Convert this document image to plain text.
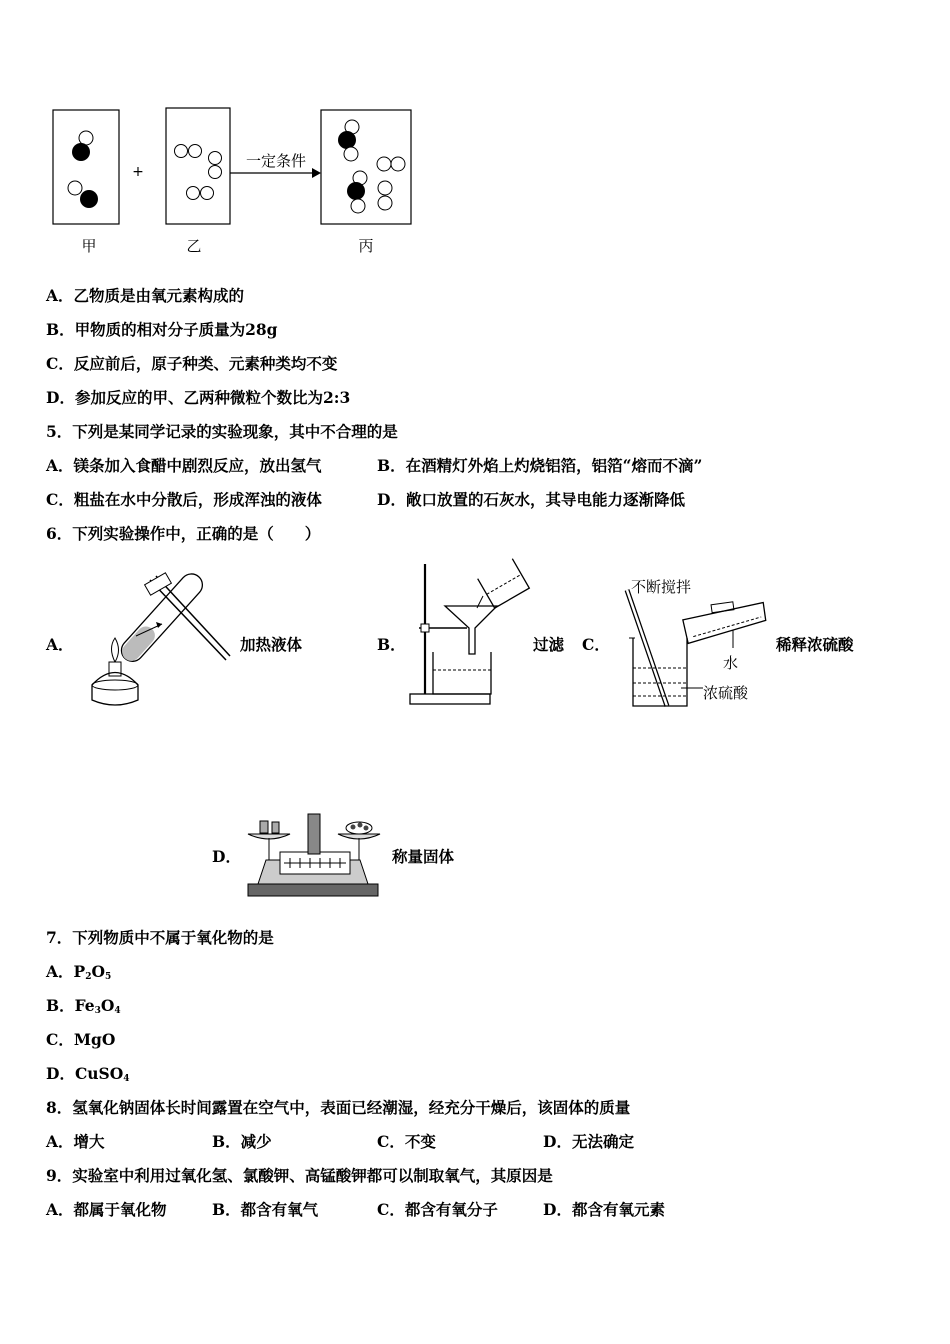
+
一定条件
甲	乙	丙
A．乙物质是由氧元素构成的
B．甲物质的相对分子质量为28g
C．反应前后，原子种类、元素种类均不变
D．参加反应的甲、乙两种微粒个数比为2:3
5．下列是某同学记录的实验现象，其中不合理的是
A．镁条加入食醋中剧烈反应，放出氢气	B．在酒精灯外焰上灼烧铝箔，铝箔“熔而不滴”
C．粗盐在水中分散后，形成浑浊的液体	D．敞口放置的石灰水，其导电能力逐渐降低
6．下列实验操作中，正确的是（　　）
A．	加热液体	B．	过滤 C．
不断搅拌
水
浓硫酸
稀释浓硫酸
D．	称量固体
7．下列物质中不属于氧化物的是
A．$P_2O_5$
B．$Fe_3O_4$
C．MgO
D．CuSO$_4$
8．氢氧化钠固体长时间露置在空气中，表面已经潮湿，经充分干燥后，该固体的质量
A．增大	B．减少	C．不变	D．无法确定
9．实验室中利用过氧化氢、氯酸钾、高锰酸钾都可以制取氧气，其原因是
A．都属于氧化物	B．都含有氧气	C．都含有氧分子	D．都含有氧元素
